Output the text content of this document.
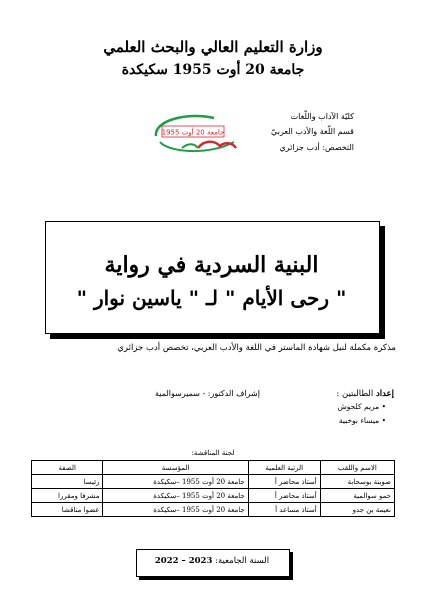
وزارة التعليم العالي والبحث العلمي
جامعة 20 أوت 1955 سكيكدة
كليّة الآداب واللّغات
قسم اللّغة والأدب العربيّ
التخصص: أدب جزائري
جامعة 20 أوت 1955
البنية السردية في رواية
" رحى الأيام " لـ " ياسين نوار "
مذكرة مكملة لنيل شهادة الماستر في اللغة والأدب العربي، تخصص أدب جزائري
إعداد الطالبتين :
إشراف الدكتور: - سميرسوالمية
• مريم كلحوش
• ميساء بوخبية
لجنة المناقشة:
الاسم واللقب	الرتبة العلمية	المؤسسة	الصفة
صوينة بوسحابة	أستاذ محاضر أ	جامعة 20 أوت 1955 –سكيكدة	رئيسا
حمو سوالمية	أستاذ محاضر أ	جامعة 20 أوت 1955 –سكيكدة	مشرفا ومقررا
نعيمة بن جدو	أستاذ مساعد أ	جامعة 20 أوت 1955 –سكيكدة	عضوا مناقشا
السنة الجامعية: 2022 – 2023
